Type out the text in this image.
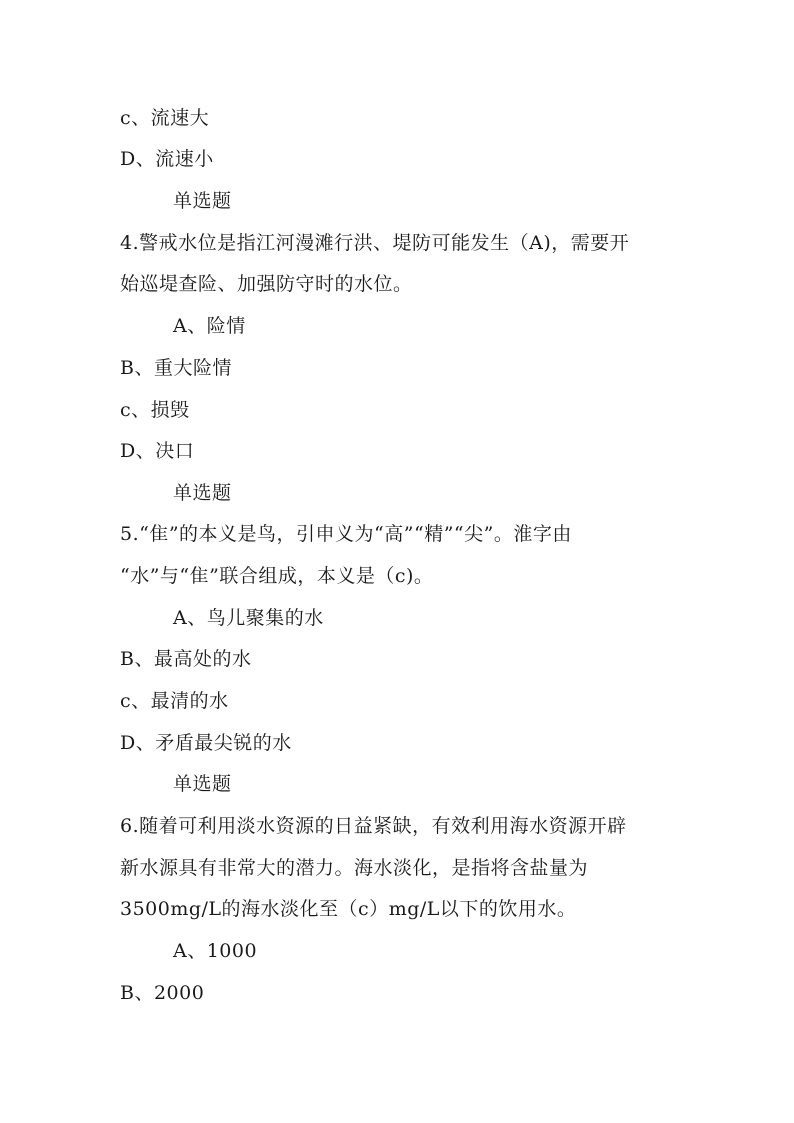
c、流速大
D、流速小
单选题
4.警戒水位是指江河漫滩行洪、堤防可能发生（A)，需要开
始巡堤查险、加强防守时的水位。
A、险情
B、重大险情
c、损毁
D、决口
单选题
5.“隹”的本义是鸟，引申义为“高”“精”“尖”。淮字由
“水”与“隹”联合组成，本义是（c)。
A、鸟儿聚集的水
B、最高处的水
c、最清的水
D、矛盾最尖锐的水
单选题
6.随着可利用淡水资源的日益紧缺，有效利用海水资源开辟
新水源具有非常大的潜力。海水淡化，是指将含盐量为
3500mg/L的海水淡化至（c）mg/L以下的饮用水。
A、1000
B、2000
